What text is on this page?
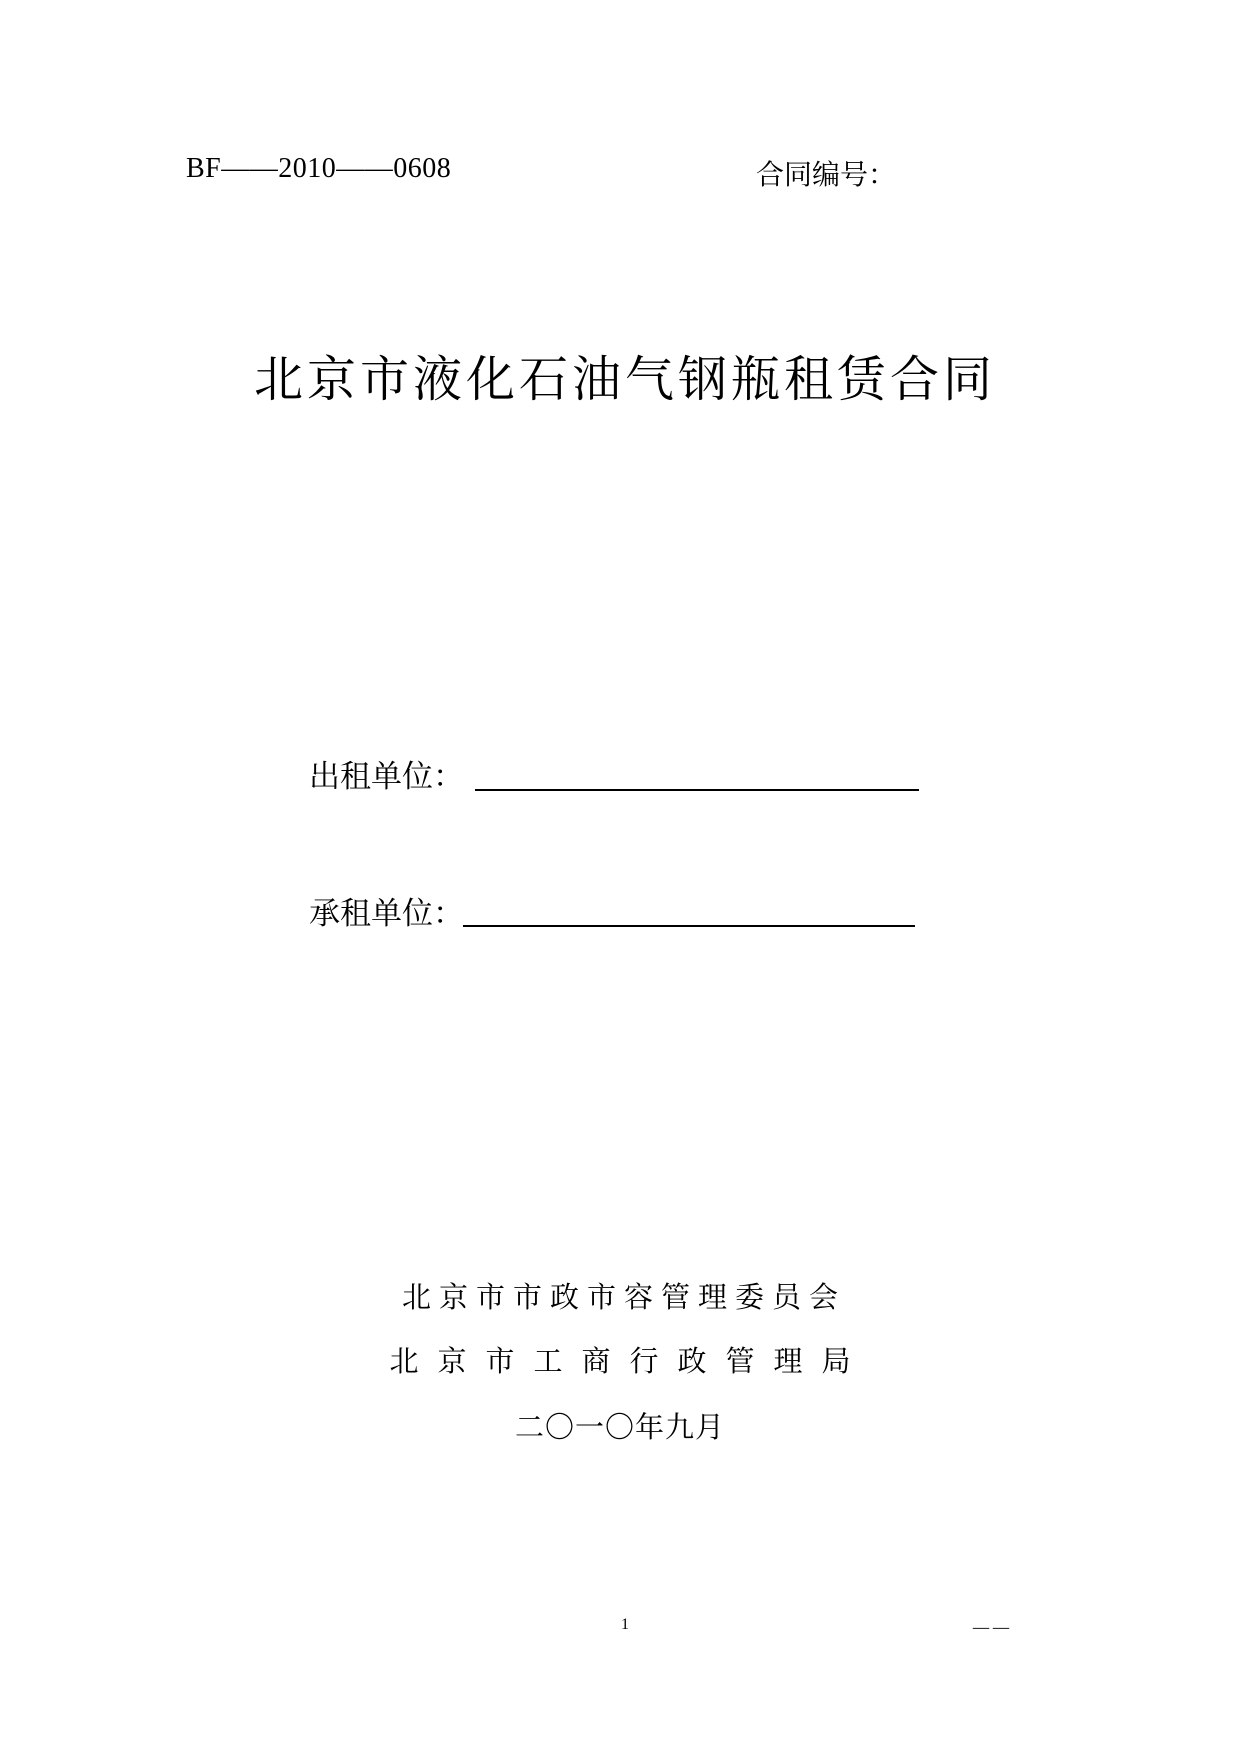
BF——2010——0608	合同编号：
北京市液化石油气钢瓶租赁合同
出租单位：
承租单位：
北京市市政市容管理委员会
北京市工商行政管理局
二〇一〇年九月
1	——
